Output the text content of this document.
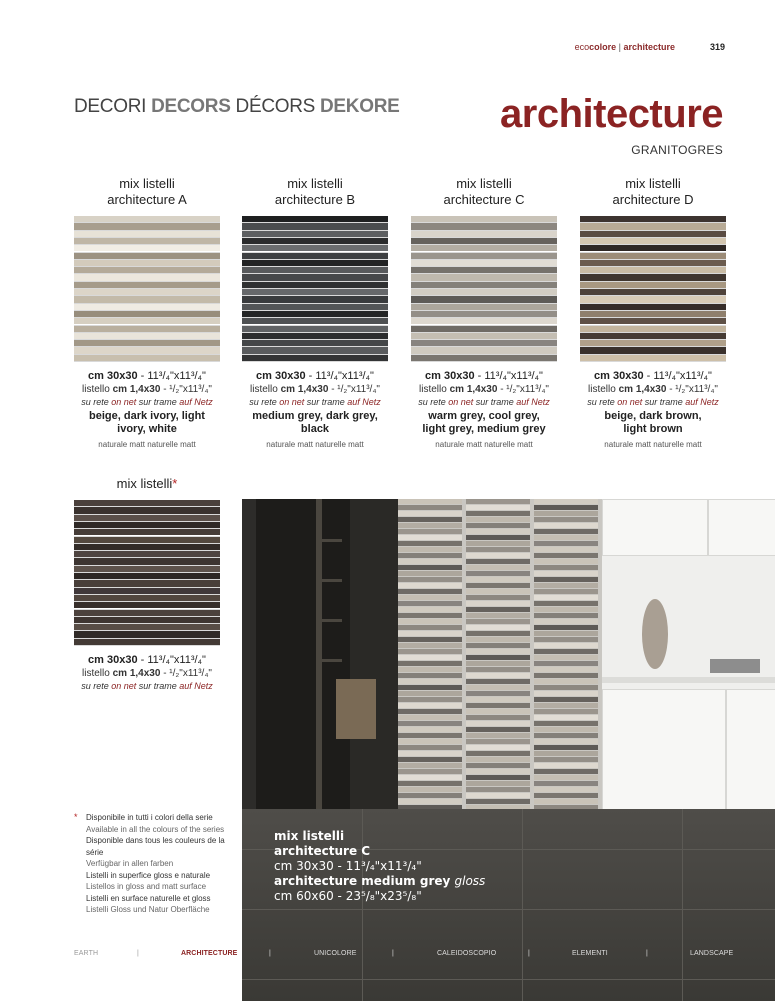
ecocolore | architecture	319
DECORI DECORS DÉCORS DEKORE	architecture
GRANITOGRES
mix listelli
architecture A
cm 30x30 - 11³/₄"x11³/₄"
listello cm 1,4x30 - ¹/₂"x11³/₄"
su rete on net sur trame auf Netz
beige, dark ivory, light
ivory, white
naturale matt naturelle matt
mix listelli
architecture B
cm 30x30 - 11³/₄"x11³/₄"
listello cm 1,4x30 - ¹/₂"x11³/₄"
su rete on net sur trame auf Netz
medium grey, dark grey,
black
naturale matt naturelle matt
mix listelli
architecture C
cm 30x30 - 11³/₄"x11³/₄"
listello cm 1,4x30 - ¹/₂"x11³/₄"
su rete on net sur trame auf Netz
warm grey, cool grey,
light grey, medium grey
naturale matt naturelle matt
mix listelli
architecture D
cm 30x30 - 11³/₄"x11³/₄"
listello cm 1,4x30 - ¹/₂"x11³/₄"
su rete on net sur trame auf Netz
beige, dark brown,
light brown
naturale matt naturelle matt
mix listelli*
cm 30x30 - 11³/₄"x11³/₄"
listello cm 1,4x30 - ¹/₂"x11³/₄"
su rete on net sur trame auf Netz
mix listelli
architecture C
cm 30x30 - 11³/₄"x11³/₄"
architecture medium grey gloss
cm 60x60 - 23⁵/₈"x23⁵/₈"
* Disponibile in tutti i colori della serie
Available in all the colours of the series
Disponible dans tous les couleurs de la série
Verfügbar in allen farben
Listelli in superfice gloss e naturale
Listellos in gloss and matt surface
Listelli en surface naturelle et gloss
Listelli Gloss und Natur Oberfläche
EARTH	|	ARCHITECTURE	|	UNICOLORE	|	CALEIDOSCOPIO	|	ELEMENTI	|	LANDSCAPE
